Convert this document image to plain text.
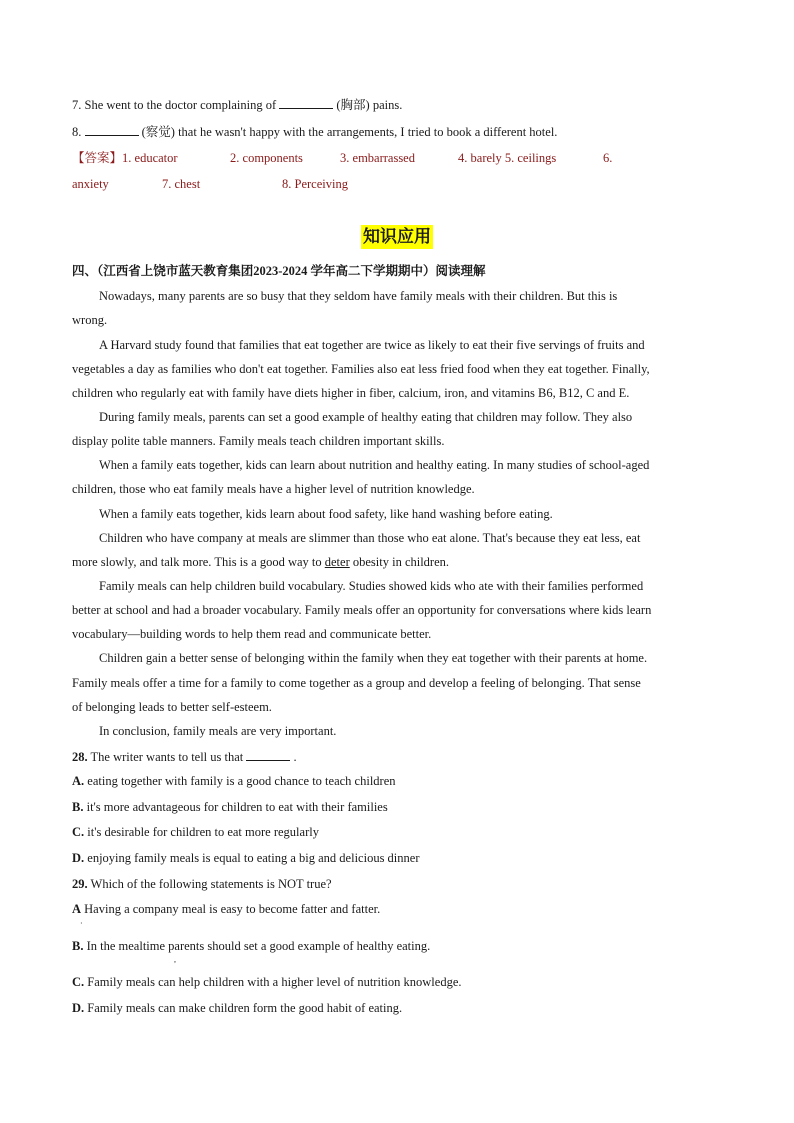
7. She went to the doctor complaining of	(胸部) pains.
8.	(察觉) that he wasn't happy with the arrangements, I tried to book a different hotel.
【答案】1. educator	2. components	3. embarrassed	4. barely 5. ceilings	6.
anxiety	7. chest	8. Perceiving
知识应用
四、（江西省上饶市蓝天教育集团2023-2024 学年高二下学期期中）阅读理解
Nowadays, many parents are so busy that they seldom have family meals with their children. But this is
wrong.
A Harvard study found that families that eat together are twice as likely to eat their five servings of fruits and
vegetables a day as families who don't eat together. Families also eat less fried food when they eat together. Finally,
children who regularly eat with family have diets higher in fiber, calcium, iron, and vitamins B6, B12, C and E.
During family meals, parents can set a good example of healthy eating that children may follow. They also
display polite table manners. Family meals teach children important skills.
When a family eats together, kids can learn about nutrition and healthy eating. In many studies of school-aged
children, those who eat family meals have a higher level of nutrition knowledge.
When a family eats together, kids learn about food safety, like hand washing before eating.
Children who have company at meals are slimmer than those who eat alone. That's because they eat less, eat
more slowly, and talk more. This is a good way to deter obesity in children.
Family meals can help children build vocabulary. Studies showed kids who ate with their families performed
better at school and had a broader vocabulary. Family meals offer an opportunity for conversations where kids learn
vocabulary—building words to help them read and communicate better.
Children gain a better sense of belonging within the family when they eat together with their parents at home.
Family meals offer a time for a family to come together as a group and develop a feeling of belonging. That sense
of belonging leads to better self-esteem.
In conclusion, family meals are very important.
28. The writer wants to tell us that	.
A. eating together with family is a good chance to teach children
B. it's more advantageous for children to eat with their families
C. it's desirable for children to eat more regularly
D. enjoying family meals is equal to eating a big and delicious dinner
29. Which of the following statements is NOT true?
A Having a company meal is easy to become fatter and fatter.
·
B. In the mealtime parents should set a good example of healthy eating.
,
C. Family meals can help children with a higher level of nutrition knowledge.
D. Family meals can make children form the good habit of eating.
